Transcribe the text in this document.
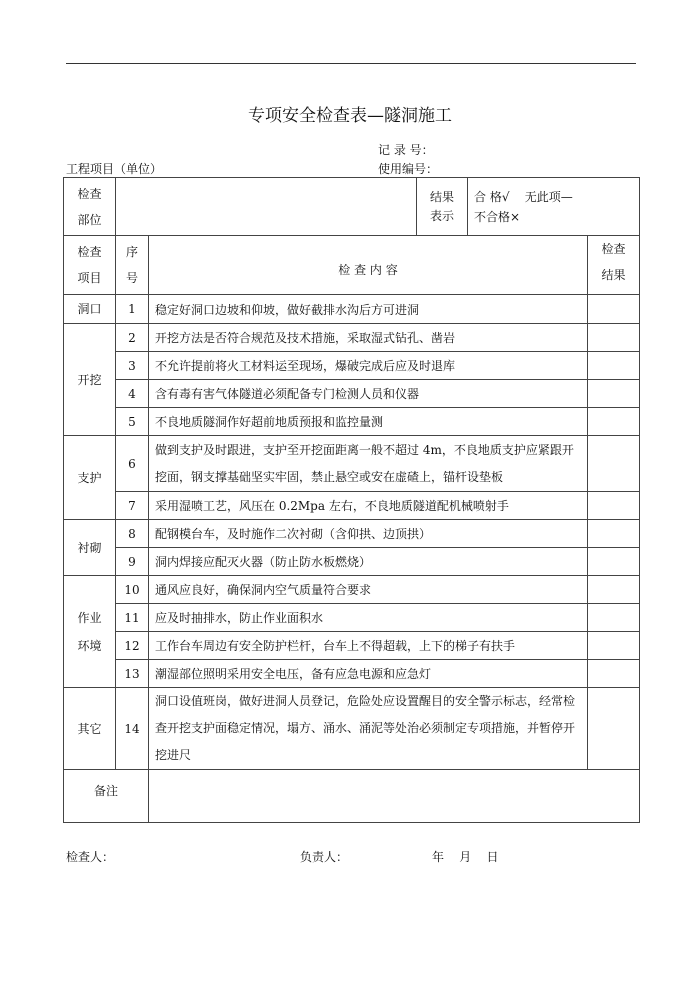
专项安全检查表—隧洞施工
记 录 号：
工程项目（单位）	使用编号：
检查
部位			结果
表示	合 格√    无此项—
不合格×	
检查
项目	序
号	检 查 内 容			检查
结果
洞口	1	稳定好洞口边坡和仰坡，做好截排水沟后方可进洞			
开挖	2	开挖方法是否符合规范及技术措施，采取湿式钻孔、凿岩			
	3	不允许提前将火工材料运至现场，爆破完成后应及时退库			
	4	含有毒有害气体隧道必须配备专门检测人员和仪器			
	5	不良地质隧洞作好超前地质预报和监控量测			
支护	6	做到支护及时跟进，支护至开挖面距离一般不超过 4m，不良地质支护应紧跟开挖面，钢支撑基础坚实牢固，禁止悬空或安在虚碴上，锚杆设垫板			
	7	采用湿喷工艺，风压在 0.2Mpa 左右，不良地质隧道配机械喷射手			
衬砌	8	配钢模台车，及时施作二次衬砌（含仰拱、边顶拱）			
	9	洞内焊接应配灭火器（防止防水板燃烧）			
作业
环境	10	通风应良好，确保洞内空气质量符合要求			
	11	应及时抽排水，防止作业面积水			
	12	工作台车周边有安全防护栏杆，台车上不得超载，上下的梯子有扶手			
	13	潮湿部位照明采用安全电压，备有应急电源和应急灯			
其它	14	洞口设值班岗，做好进洞人员登记，危险处应设置醒目的安全警示标志，经常检查开挖支护面稳定情况，塌方、涌水、涌泥等处治必须制定专项措施，并暂停开挖进尺			
备注					
检查人：	负责人：	年    月    日
